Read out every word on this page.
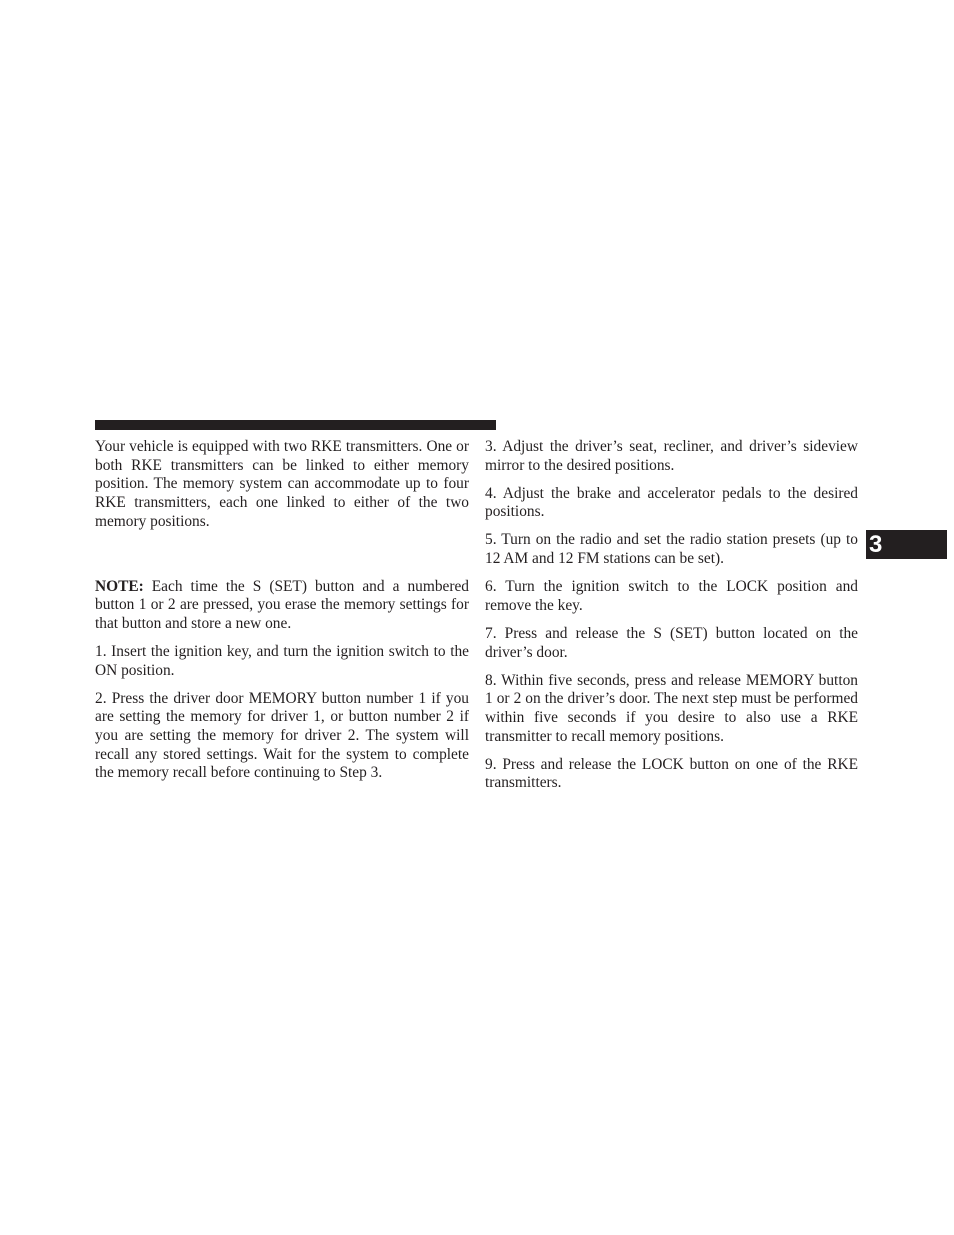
Your vehicle is equipped with two RKE transmitters. One or both RKE transmitters can be linked to either memory position. The memory system can accommodate up to four RKE transmitters, each one linked to either of the two memory positions.

NOTE: Each time the S (SET) button and a numbered button 1 or 2 are pressed, you erase the memory settings for that button and store a new one.

1. Insert the ignition key, and turn the ignition switch to the ON position.

2. Press the driver door MEMORY button number 1 if you are setting the memory for driver 1, or button number 2 if you are setting the memory for driver 2. The system will recall any stored settings. Wait for the system to complete the memory recall before continuing to Step 3.

3. Adjust the driver’s seat, recliner, and driver’s sideview mirror to the desired positions.

4. Adjust the brake and accelerator pedals to the desired positions.

5. Turn on the radio and set the radio station presets (up to 12 AM and 12 FM stations can be set).

6. Turn the ignition switch to the LOCK position and remove the key.

7. Press and release the S (SET) button located on the driver’s door.

8. Within five seconds, press and release MEMORY button 1 or 2 on the driver’s door. The next step must be performed within five seconds if you desire to also use a RKE transmitter to recall memory positions.

9. Press and release the LOCK button on one of the RKE transmitters.

3
